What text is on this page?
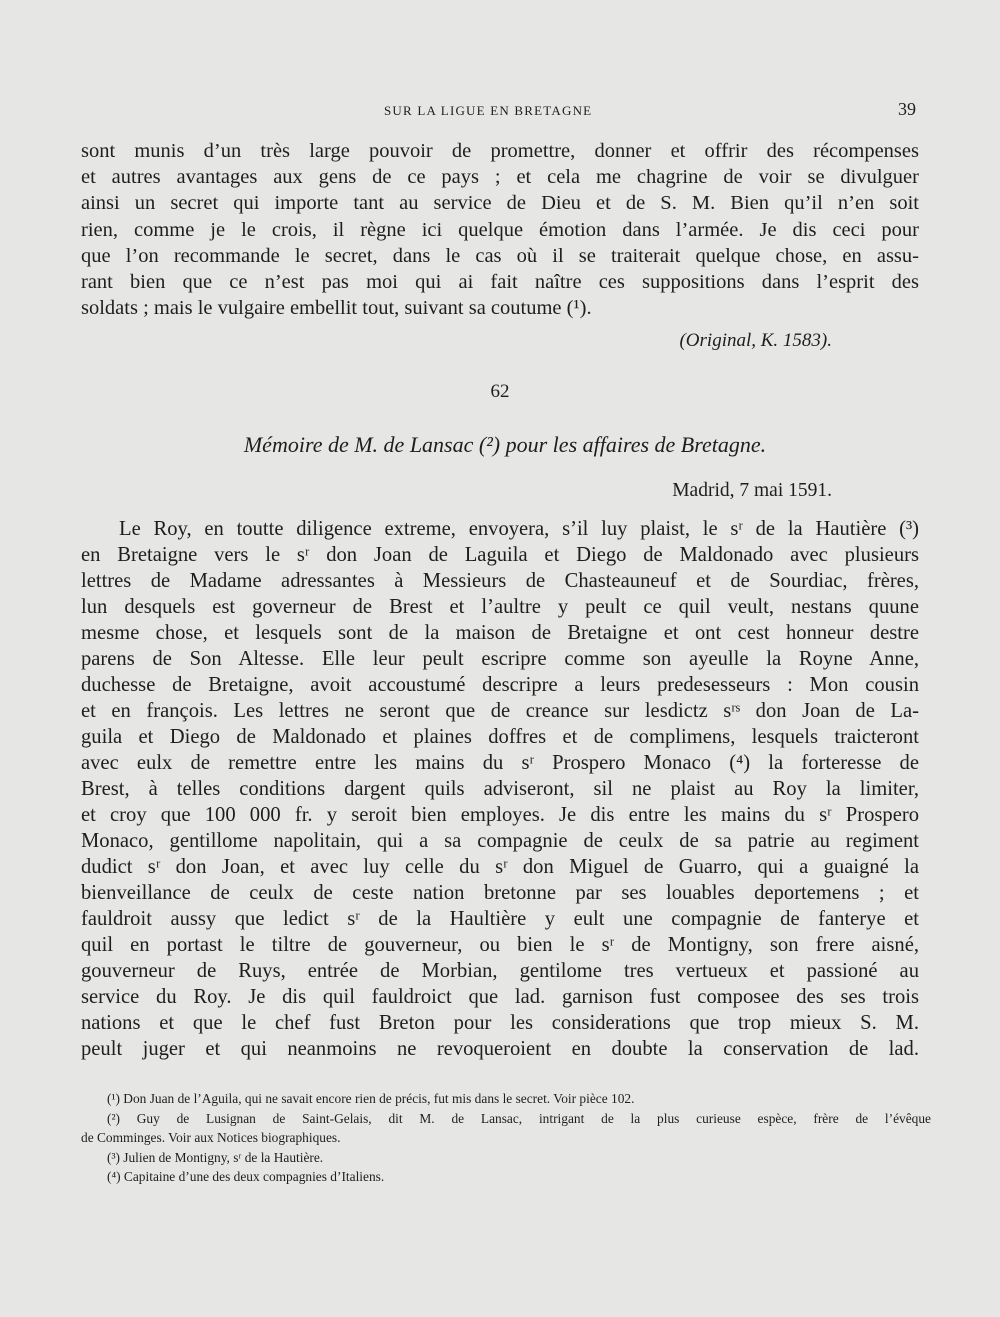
SUR LA LIGUE EN BRETAGNE	39
sont munis d’un très large pouvoir de promettre, donner et offrir des récompenses
et autres avantages aux gens de ce pays ; et cela me chagrine de voir se divulguer
ainsi un secret qui importe tant au service de Dieu et de S. M. Bien qu’il n’en soit
rien, comme je le crois, il règne ici quelque émotion dans l’armée. Je dis ceci pour
que l’on recommande le secret, dans le cas où il se traiterait quelque chose, en assu-
rant bien que ce n’est pas moi qui ai fait naître ces suppositions dans l’esprit des
soldats ; mais le vulgaire embellit tout, suivant sa coutume (¹).
(Original, K. 1583).
62
Mémoire de M. de Lansac (²) pour les affaires de Bretagne.
Madrid, 7 mai 1591.
Le Roy, en toutte diligence extreme, envoyera, s’il luy plaist, le sʳ de la Hautière (³)
en Bretaigne vers le sʳ don Joan de Laguila et Diego de Maldonado avec plusieurs
lettres de Madame adressantes à Messieurs de Chasteauneuf et de Sourdiac, frères,
lun desquels est governeur de Brest et l’aultre y peult ce quil veult, nestans quune
mesme chose, et lesquels sont de la maison de Bretaigne et ont cest honneur destre
parens de Son Altesse. Elle leur peult escripre comme son ayeulle la Royne Anne,
duchesse de Bretaigne, avoit accoustumé descripre a leurs predesesseurs : Mon cousin
et en françois. Les lettres ne seront que de creance sur lesdictz sʳˢ don Joan de La-
guila et Diego de Maldonado et plaines doffres et de complimens, lesquels traicteront
avec eulx de remettre entre les mains du sʳ Prospero Monaco (⁴) la forteresse de
Brest, à telles conditions dargent quils adviseront, sil ne plaist au Roy la limiter,
et croy que 100 000 fr. y seroit bien employes. Je dis entre les mains du sʳ Prospero
Monaco, gentillome napolitain, qui a sa compagnie de ceulx de sa patrie au regiment
dudict sʳ don Joan, et avec luy celle du sʳ don Miguel de Guarro, qui a guaigné la
bienveillance de ceulx de ceste nation bretonne par ses louables deportemens ; et
fauldroit aussy que ledict sʳ de la Haultière y eult une compagnie de fanterye et
quil en portast le tiltre de gouverneur, ou bien le sʳ de Montigny, son frere aisné,
gouverneur de Ruys, entrée de Morbian, gentilome tres vertueux et passioné au
service du Roy. Je dis quil fauldroict que lad. garnison fust composee des ses trois
nations et que le chef fust Breton pour les considerations que trop mieux S. M.
peult juger et qui neanmoins ne revoqueroient en doubte la conservation de lad.
(¹) Don Juan de l’Aguila, qui ne savait encore rien de précis, fut mis dans le secret. Voir pièce 102.
(²) Guy de Lusignan de Saint-Gelais, dit M. de Lansac, intrigant de la plus curieuse espèce, frère de l’évêque
de Comminges. Voir aux Notices biographiques.
(³) Julien de Montigny, sʳ de la Hautière.
(⁴) Capitaine d’une des deux compagnies d’Italiens.
